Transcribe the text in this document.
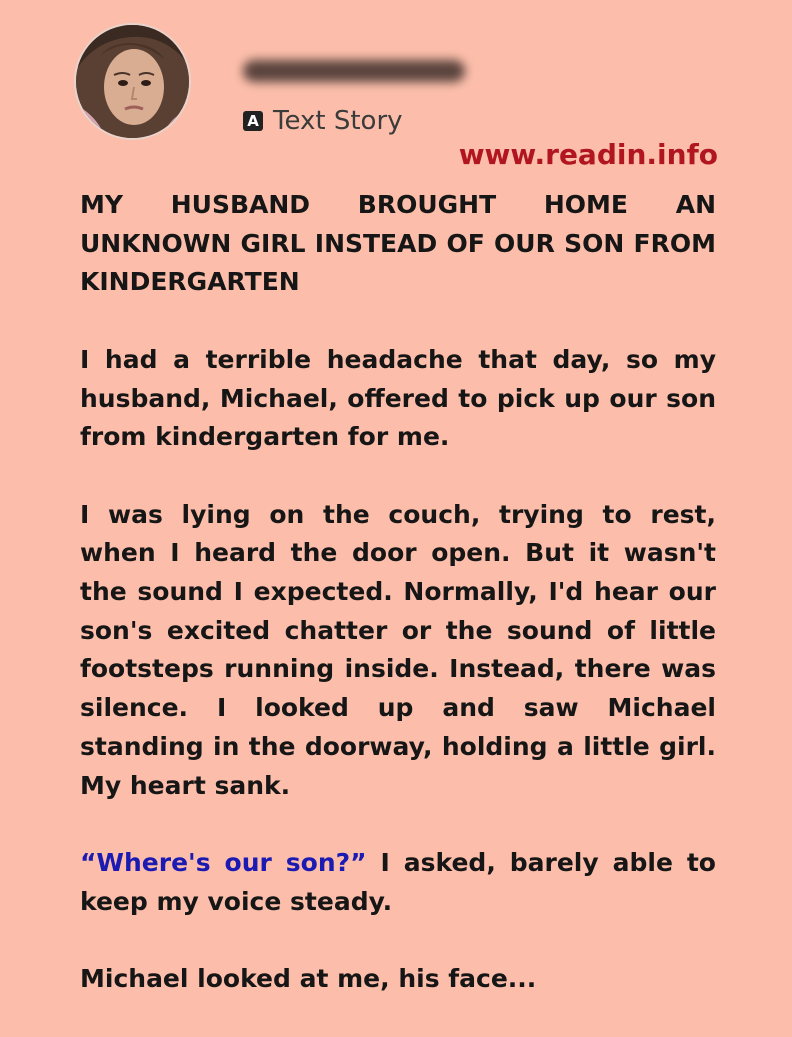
A Text Story
www.readin.info

MY HUSBAND BROUGHT HOME AN UNKNOWN GIRL INSTEAD OF OUR SON FROM KINDERGARTEN

I had a terrible headache that day, so my husband, Michael, offered to pick up our son from kindergarten for me.

I was lying on the couch, trying to rest, when I heard the door open. But it wasn't the sound I expected. Normally, I'd hear our son's excited chatter or the sound of little footsteps running inside. Instead, there was silence. I looked up and saw Michael standing in the doorway, holding a little girl. My heart sank.

“Where's our son?” I asked, barely able to keep my voice steady.

Michael looked at me, his face...
